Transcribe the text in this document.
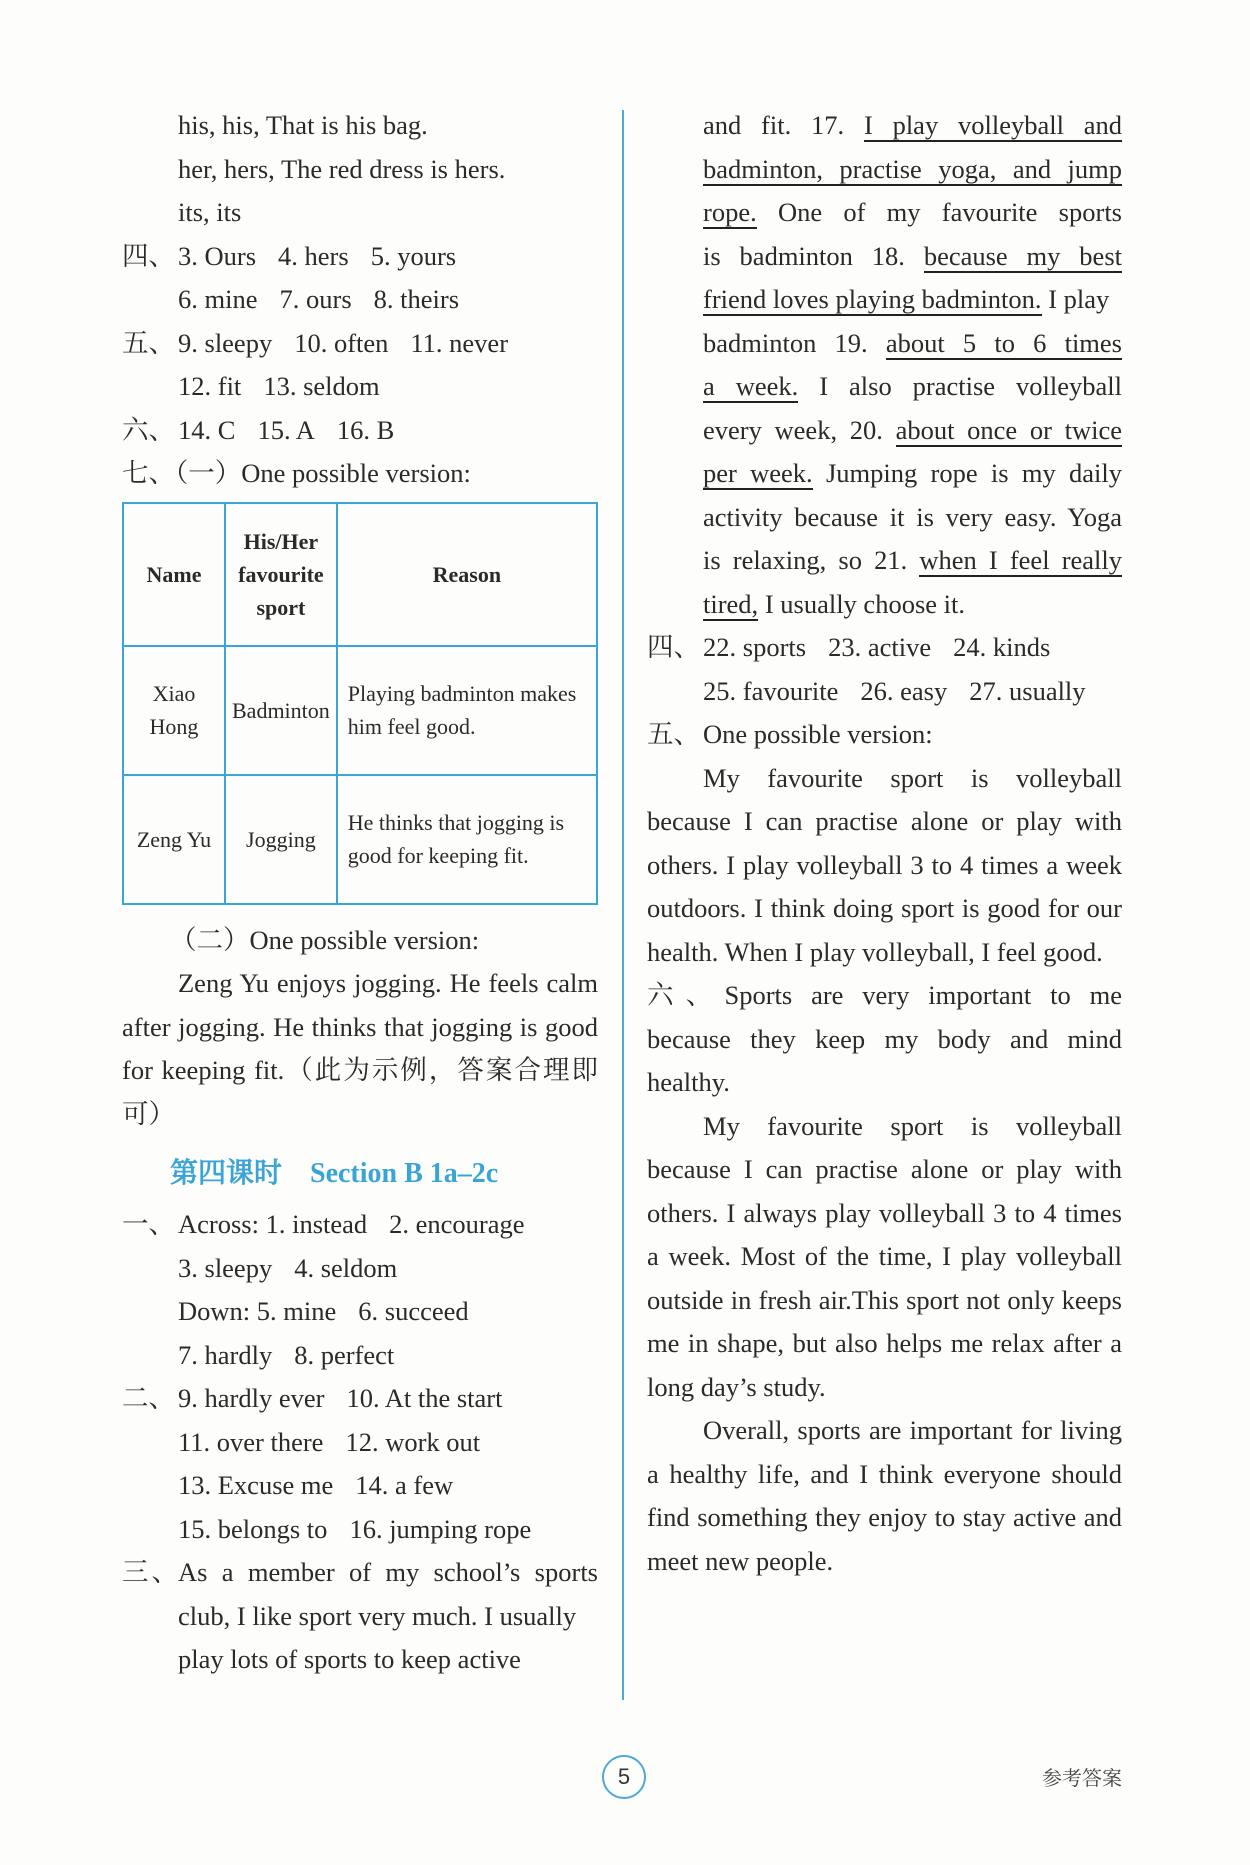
his, his, That is his bag.
her, hers, The red dress is hers.
its, its
四、 3. Ours 4. hers 5. yours
6. mine 7. ours 8. theirs
五、 9. sleepy 10. often 11. never
12. fit 13. seldom
六、 14. C 15. A 16. B
七、（一）One possible version:
Name	His/Her favourite sport	Reason
Xiao Hong	Badminton	Playing badminton makes him feel good.
Zeng Yu	Jogging	He thinks that jogging is good for keeping fit.
（二）One possible version:
Zeng Yu enjoys jogging. He feels calm after jogging. He thinks that jogging is good for keeping fit.（此为示例，答案合理即可）
第四课时　Section B 1a–2c
一、 Across: 1. instead 2. encourage
3. sleepy 4. seldom
Down: 5. mine 6. succeed
7. hardly 8. perfect
二、 9. hardly ever 10. At the start
11. over there 12. work out
13. Excuse me 14. a few
15. belongs to 16. jumping rope
三、As a member of my school’s sports
club, I like sport very much. I usually
play lots of sports to keep active
and fit. 17. I play volleyball and
badminton, practise yoga, and jump
rope. One of my favourite sports
is badminton 18. because my best
friend loves playing badminton. I play
badminton 19. about 5 to 6 times
a week. I also practise volleyball
every week, 20. about once or twice
per week. Jumping rope is my daily
activity because it is very easy. Yoga
is relaxing, so 21. when I feel really
tired, I usually choose it.
四、 22. sports 23. active 24. kinds
25. favourite 26. easy 27. usually
五、 One possible version:
My favourite sport is volleyball because I can practise alone or play with others. I play volleyball 3 to 4 times a week outdoors. I think doing sport is good for our health. When I play volleyball, I feel good.
六、Sports are very important to me because they keep my body and mind healthy.
My favourite sport is volleyball because I can practise alone or play with others. I always play volleyball 3 to 4 times a week. Most of the time, I play volleyball outside in fresh air.This sport not only keeps me in shape, but also helps me relax after a long day’s study.
Overall, sports are important for living a healthy life, and I think everyone should find something they enjoy to stay active and meet new people.
5	参考答案
